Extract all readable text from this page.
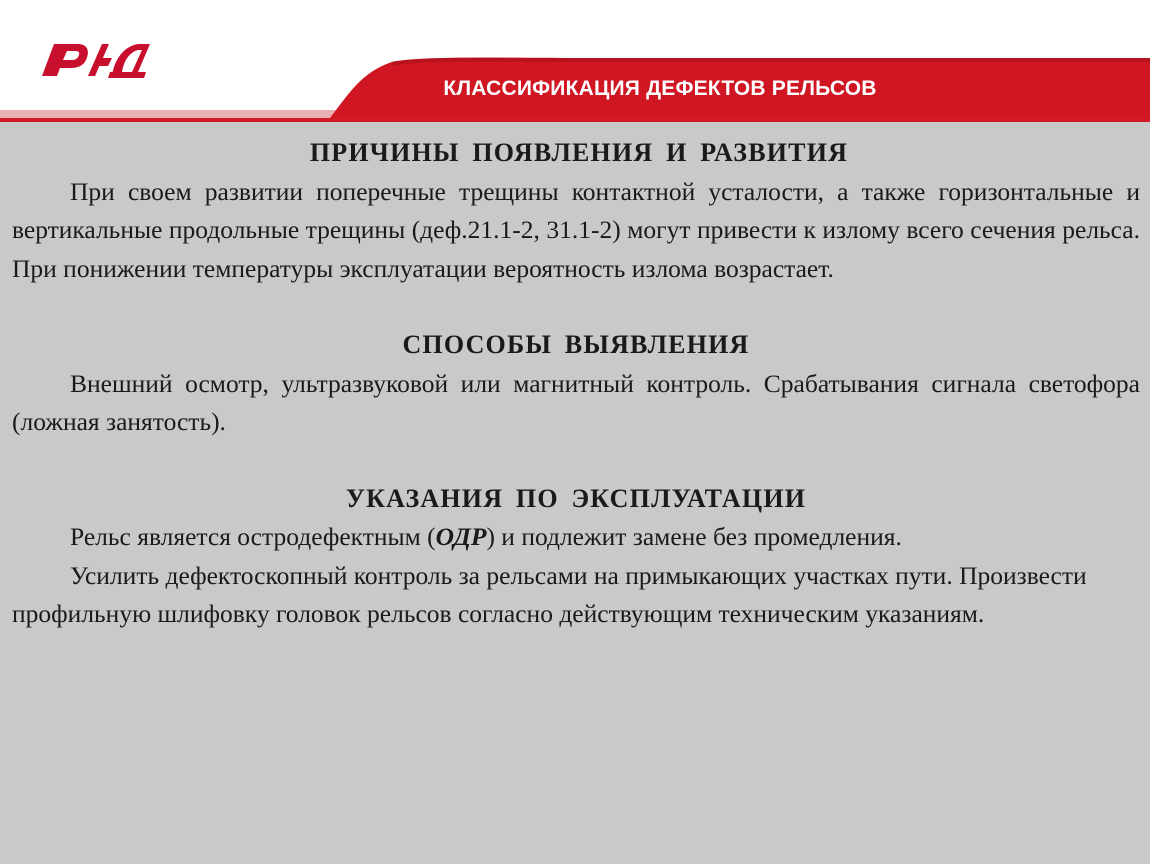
КЛАССИФИКАЦИЯ ДЕФЕКТОВ РЕЛЬСОВ
ПРИЧИНЫ ПОЯВЛЕНИЯ И РАЗВИТИЯ

При своем развитии поперечные трещины контактной усталости, а также горизонтальные и вертикальные продольные трещины (деф.21.1-2, 31.1-2) могут привести к излому всего сечения рельса. При понижении температуры эксплуатации вероятность излома возрастает.

СПОСОБЫ ВЫЯВЛЕНИЯ

Внешний осмотр, ультразвуковой или магнитный контроль. Срабатывания сигнала светофора (ложная занятость).

УКАЗАНИЯ ПО ЭКСПЛУАТАЦИИ

Рельс является остродефектным (ОДР) и подлежит замене без промедления.

Усилить дефектоскопный контроль за рельсами на примыкающих участках пути. Произвести профильную шлифовку головок рельсов согласно действующим техническим указаниям.
